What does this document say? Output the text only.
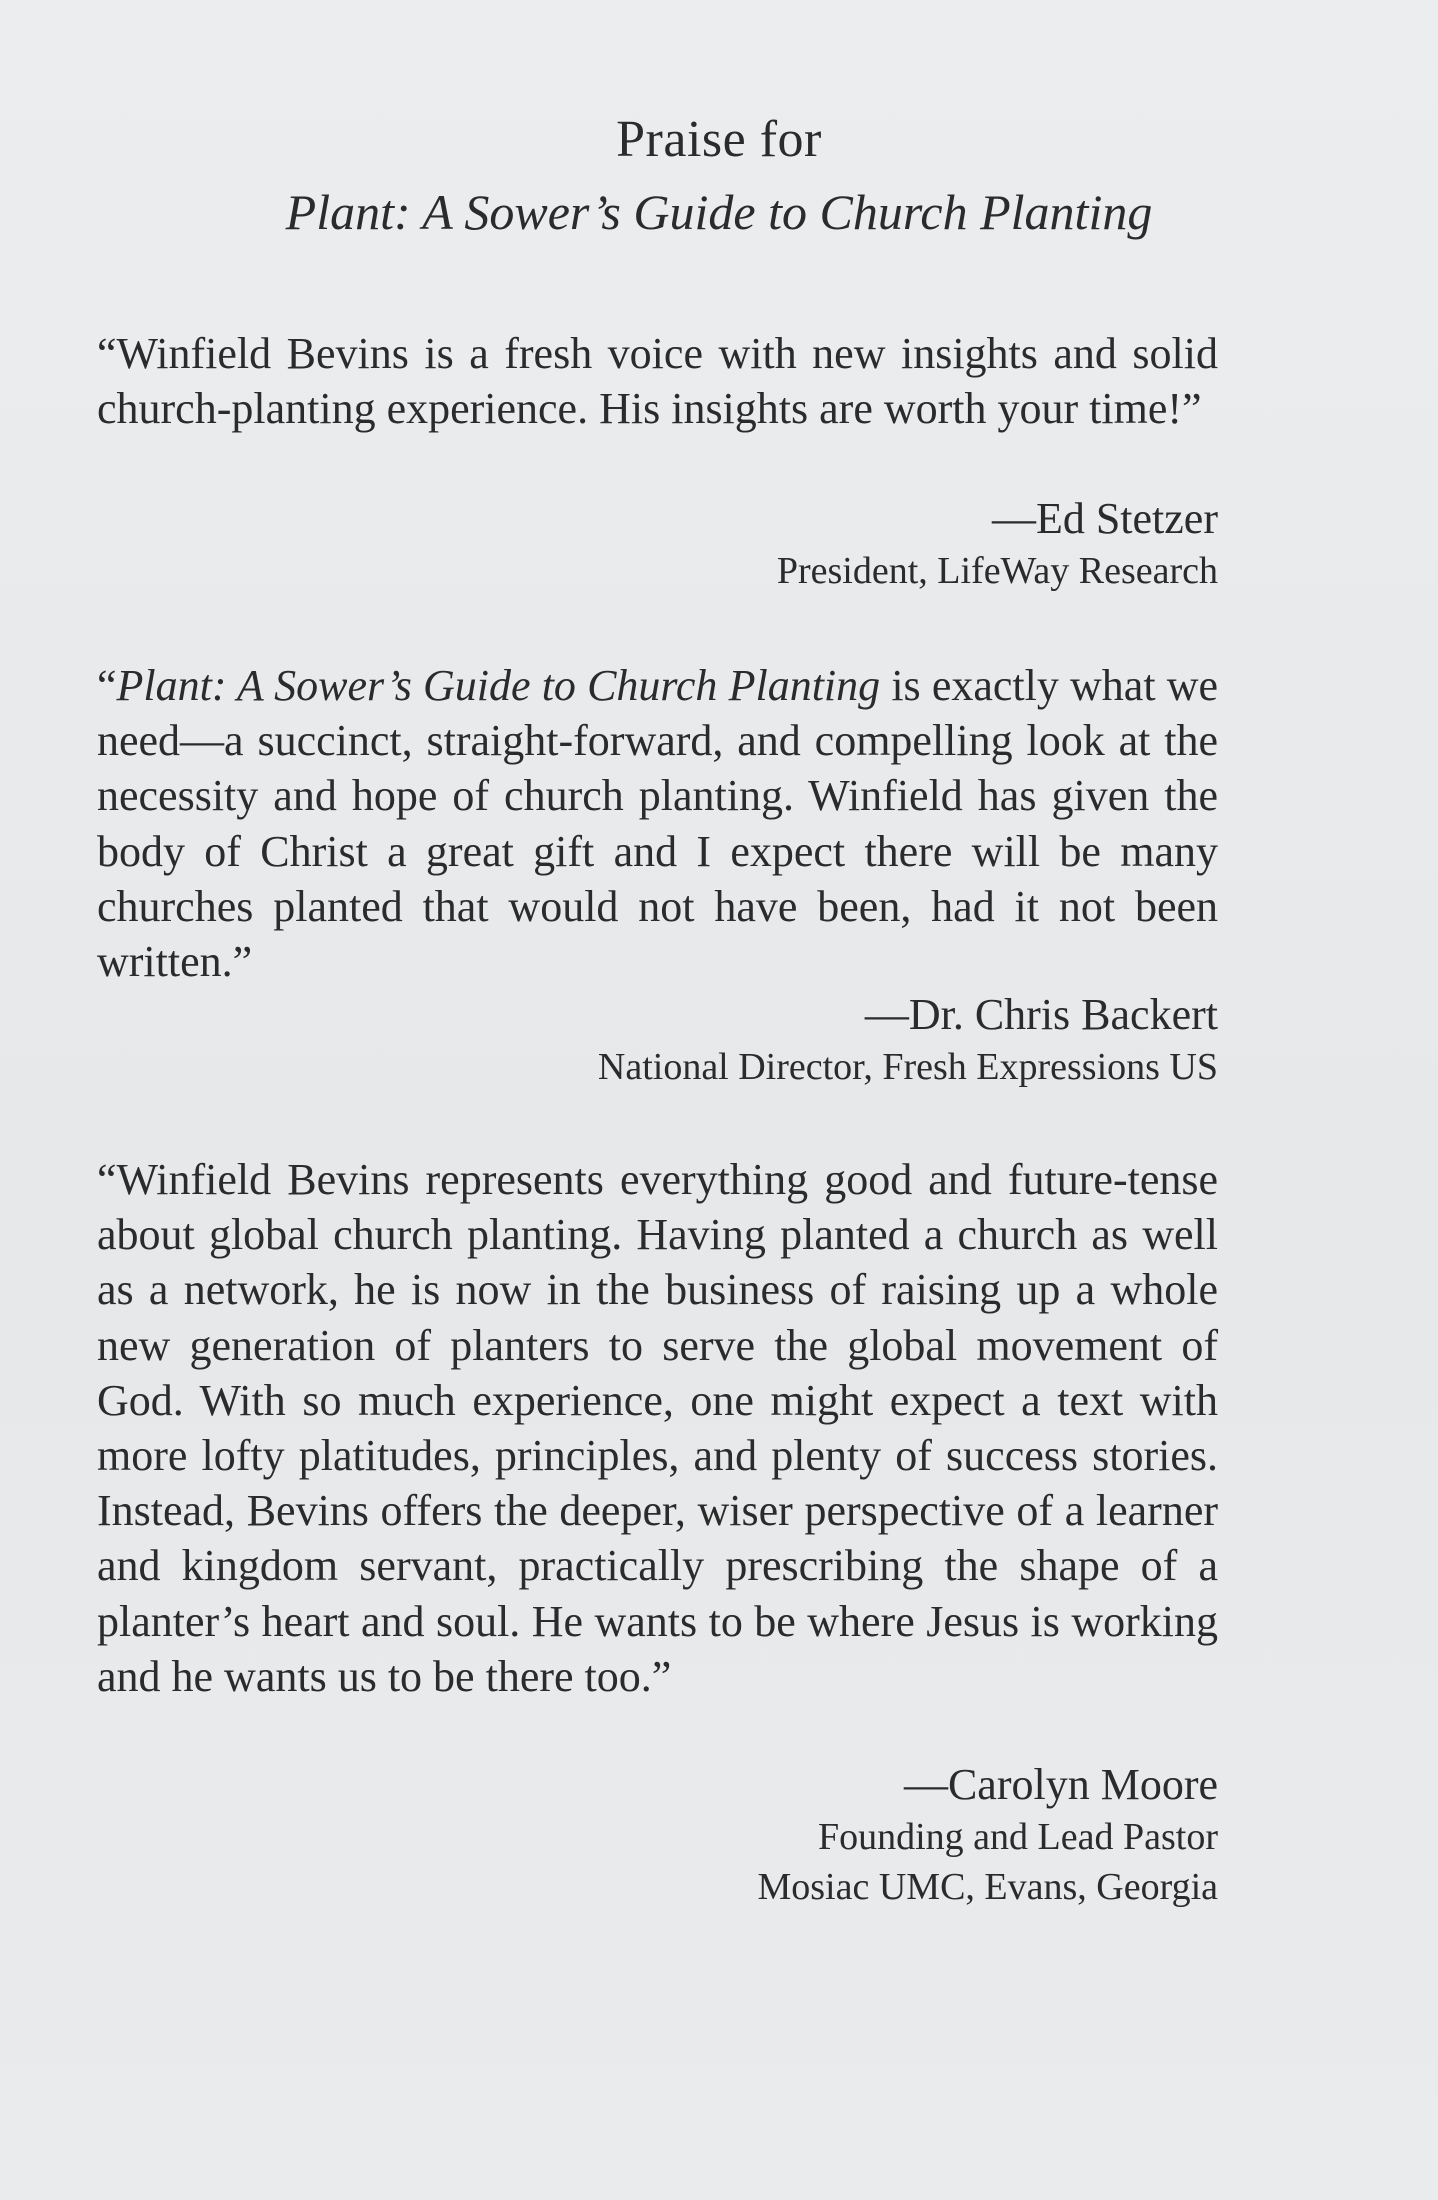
Praise for
Plant: A Sower’s Guide to Church Planting
“Winfield Bevins is a fresh voice with new insights and solid church-planting experience. His insights are worth your time!”
—Ed Stetzer
President, LifeWay Research
“Plant: A Sower’s Guide to Church Planting is exactly what we need—a succinct, straight-forward, and compelling look at the necessity and hope of church planting. Winfield has given the body of Christ a great gift and I expect there will be many churches planted that would not have been, had it not been written.”
—Dr. Chris Backert
National Director, Fresh Expressions US
“Winfield Bevins represents everything good and future-tense about global church planting. Having planted a church as well as a network, he is now in the business of raising up a whole new generation of planters to serve the global movement of God. With so much experience, one might expect a text with more lofty platitudes, principles, and plenty of success stories. Instead, Bevins offers the deeper, wiser perspective of a learner and kingdom servant, practically prescribing the shape of a planter’s heart and soul. He wants to be where Jesus is working and he wants us to be there too.”
—Carolyn Moore
Founding and Lead Pastor
Mosiac UMC, Evans, Georgia
